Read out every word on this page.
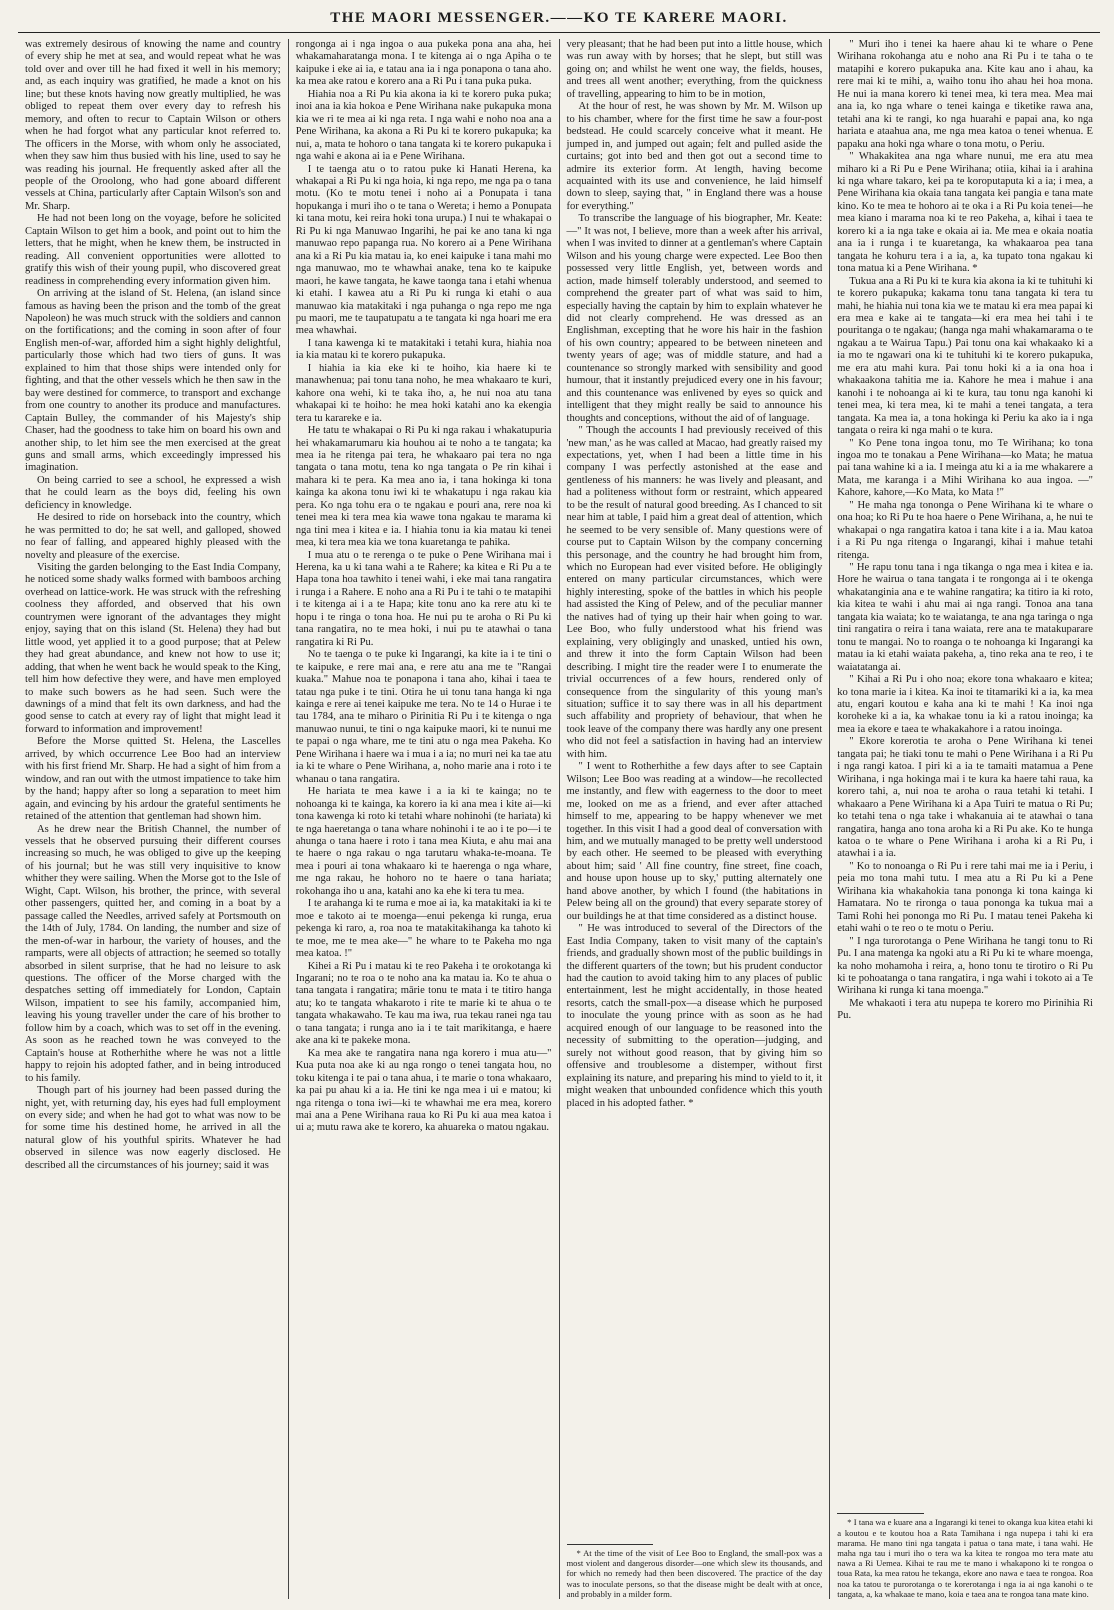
THE MAORI MESSENGER.——KO TE KARERE MAORI.

was extremely desirous of knowing the name and country of every ship he met at sea, and would repeat what he was told over and over till he had fixed it well in his memory; and, as each inquiry was gratified, he made a knot on his line; but these knots having now greatly multiplied, he was obliged to repeat them over every day to refresh his memory, and often to recur to Captain Wilson or others when he had forgot what any particular knot referred to. The officers in the Morse, with whom only he associated, when they saw him thus busied with his line, used to say he was reading his journal. He frequently asked after all the people of the Oroolong, who had gone aboard different vessels at China, particularly after Captain Wilson's son and Mr. Sharp.

He had not been long on the voyage, before he solicited Captain Wilson to get him a book, and point out to him the letters, that he might, when he knew them, be instructed in reading. All convenient opportunities were allotted to gratify this wish of their young pupil, who discovered great readiness in comprehending every information given him.

On arriving at the island of St. Helena, (an island since famous as having been the prison and the tomb of the great Napoleon) he was much struck with the soldiers and cannon on the fortifications; and the coming in soon after of four English men-of-war, afforded him a sight highly delightful, particularly those which had two tiers of guns. It was explained to him that those ships were intended only for fighting, and that the other vessels which he then saw in the bay were destined for commerce, to transport and exchange from one country to another its produce and manufactures. Captain Bulley, the commander of his Majesty's ship Chaser, had the goodness to take him on board his own and another ship, to let him see the men exercised at the great guns and small arms, which exceedingly impressed his imagination.

On being carried to see a school, he expressed a wish that he could learn as the boys did, feeling his own deficiency in knowledge.

He desired to ride on horseback into the country, which he was permitted to do; he sat well, and galloped, showed no fear of falling, and appeared highly pleased with the novelty and pleasure of the exercise.

Visiting the garden belonging to the East India Company, he noticed some shady walks formed with bamboos arching overhead on lattice-work. He was struck with the refreshing coolness they afforded, and observed that his own countrymen were ignorant of the advantages they might enjoy, saying that on this island (St. Helena) they had but little wood, yet applied it to a good purpose; that at Pelew they had great abundance, and knew not how to use it; adding, that when he went back he would speak to the King, tell him how defective they were, and have men employed to make such bowers as he had seen. Such were the dawnings of a mind that felt its own darkness, and had the good sense to catch at every ray of light that might lead it forward to information and improvement!

Before the Morse quitted St. Helena, the Lascelles arrived, by which occurrence Lee Boo had an interview with his first friend Mr. Sharp. He had a sight of him from a window, and ran out with the utmost impatience to take him by the hand; happy after so long a separation to meet him again, and evincing by his ardour the grateful sentiments he retained of the attention that gentleman had shown him.

As he drew near the British Channel, the number of vessels that he observed pursuing their different courses increasing so much, he was obliged to give up the keeping of his journal; but he was still very inquisitive to know whither they were sailing. When the Morse got to the Isle of Wight, Capt. Wilson, his brother, the prince, with several other passengers, quitted her, and coming in a boat by a passage called the Needles, arrived safely at Portsmouth on the 14th of July, 1784. On landing, the number and size of the men-of-war in harbour, the variety of houses, and the ramparts, were all objects of attraction; he seemed so totally absorbed in silent surprise, that he had no leisure to ask questions. The officer of the Morse charged with the despatches setting off immediately for London, Captain Wilson, impatient to see his family, accompanied him, leaving his young traveller under the care of his brother to follow him by a coach, which was to set off in the evening. As soon as he reached town he was conveyed to the Captain's house at Rotherhithe where he was not a little happy to rejoin his adopted father, and in being introduced to his family.

Though part of his journey had been passed during the night, yet, with returning day, his eyes had full employment on every side; and when he had got to what was now to be for some time his destined home, he arrived in all the natural glow of his youthful spirits. Whatever he had observed in silence was now eagerly disclosed. He described all the circumstances of his journey; said it was

rongonga ai i nga ingoa o aua pukeka pona ana aha, hei whakamaharatanga mona. I te kitenga ai o nga Apiha o te kaipuke i eke ai ia, e tatau ana ia i nga ponapona o tana aho. ka mea ake ratou e korero ana a Ri Pu i tana puka puka.

Hiahia noa a Ri Pu kia akona ia ki te korero puka puka; inoi ana ia kia hokoa e Pene Wirihana nake pukapuka mona kia we ri te mea ai ki nga reta. I nga wahi e noho noa ana a Pene Wirihana, ka akona a Ri Pu ki te korero pukapuka; ka nui, a, mata te hohoro o tana tangata ki te korero pukapuka i nga wahi e akona ai ia e Pene Wirihana.

I te taenga atu o to ratou puke ki Hanati Herena, ka whakapai a Ri Pu ki nga hoia, ki nga repo, me nga pa o tana motu. (Ko te motu tenei i noho ai a Ponupata i tana hopukanga i muri iho o te tana o Wereta; i hemo a Ponupata ki tana motu, kei reira hoki tona urupa.) I nui te whakapai o Ri Pu ki nga Manuwao Ingarihi, he pai ke ano tana ki nga manuwao repo papanga rua. No korero ai a Pene Wirihana ana ki a Ri Pu kia matau ia, ko enei kaipuke i tana mahi mo nga manuwao, mo te whawhai anake, tena ko te kaipuke maori, he kawe tangata, he kawe taonga tana i etahi whenua ki etahi. I kawea atu a Ri Pu ki runga ki etahi o aua manuwao kia matakitaki i nga puhanga o nga repo me nga pu maori, me te taupatupatu a te tangata ki nga hoari me era mea whawhai.

I tana kawenga ki te matakitaki i tetahi kura, hiahia noa ia kia matau ki te korero pukapuka.

I hiahia ia kia eke ki te hoiho, kia haere ki te manawhenua; pai tonu tana noho, he mea whakaaro te kuri, kahore ona wehi, ki te taka iho, a, he nui noa atu tana whakapai ki te hoiho: he mea hoki katahi ano ka ekengia tera tu karareke e ia.

He tatu te whakapai o Ri Pu ki nga rakau i whakatupuria hei whakamarumaru kia houhou ai te noho a te tangata; ka mea ia he ritenga pai tera, he whakaaro pai tera no nga tangata o tana motu, tena ko nga tangata o Pe rin kihai i mahara ki te pera. Ka mea ano ia, i tana hokinga ki tona kainga ka akona tonu iwi ki te whakatupu i nga rakau kia pera. Ko nga tohu era o te ngakau e pouri ana, rere noa ki tenei mea ki tera mea kia wawe tona ngakau te marama ki nga tini mea i kitea e ia. I hiahia tonu ia kia matau ki tenei mea, ki tera mea kia we tona kuaretanga te pahika.

I mua atu o te rerenga o te puke o Pene Wirihana mai i Herena, ka u ki tana wahi a te Rahere; ka kitea e Ri Pu a te Hapa tona hoa tawhito i tenei wahi, i eke mai tana rangatira i runga i a Rahere. E noho ana a Ri Pu i te tahi o te matapihi i te kitenga ai i a te Hapa; kite tonu ano ka rere atu ki te hopu i te ringa o tona hoa. He nui pu te aroha o Ri Pu ki tana rangatira, no te mea hoki, i nui pu te atawhai o tana rangatira ki Ri Pu.

No te taenga o te puke ki Ingarangi, ka kite ia i te tini o te kaipuke, e rere mai ana, e rere atu ana me te "Rangai kuaka." Mahue noa te ponapona i tana aho, kihai i taea te tatau nga puke i te tini. Otira he ui tonu tana hanga ki nga kainga e rere ai tenei kaipuke me tera. No te 14 o Hurae i te tau 1784, ana te miharo o Pirinitia Ri Pu i te kitenga o nga manuwao nunui, te tini o nga kaipuke maori, ki te nunui me te papai o nga whare, me te tini atu o nga mea Pakeha. Ko Pene Wirihana i haere wa i mua i a ia; no muri nei ka tae atu ia ki te whare o Pene Wirihana, a, noho marie ana i roto i te whanau o tana rangatira.

He hariata te mea kawe i a ia ki te kainga; no te nohoanga ki te kainga, ka korero ia ki ana mea i kite ai—ki tona kawenga ki roto ki tetahi whare nohinohi (te hariata) ki te nga haeretanga o tana whare nohinohi i te ao i te po—i te ahunga o tana haere i roto i tana mea Kiuta, e ahu mai ana te haere o nga rakau o nga tarutaru whaka-te-moana. Te mea i pouri ai tona whakaaro ki te haerenga o nga whare, me nga rakau, he hohoro no te haere o tana hariata; rokohanga iho u ana, katahi ano ka ehe ki tera tu mea.

I te arahanga ki te ruma e moe ai ia, ka matakitaki ia ki te moe e takoto ai te moenga—enui pekenga ki runga, erua pekenga ki raro, a, roa noa te matakitakihanga ka tahoto ki te moe, me te mea ake—" he whare to te Pakeha mo nga mea katoa. !"

Kihei a Ri Pu i matau ki te reo Pakeha i te orokotanga ki Ingarani; no te roa o te noho ana ka matau ia. Ko te ahua o tana tangata i rangatira; mārie tonu te mata i te titiro hanga atu; ko te tangata whakaroto i rite te marie ki te ahua o te tangata whakawaho. Te kau ma iwa, rua tekau ranei nga tau o tana tangata; i runga ano ia i te tait marikitanga, e haere ake ana ki te pakeke mona.

Ka mea ake te rangatira nana nga korero i mua atu—" Kua puta noa ake ki au nga rongo o tenei tangata hou, no toku kitenga i te pai o tana ahua, i te marie o tona whakaaro, ka pai pu ahau ki a ia. He tini ke nga mea i ui e matou; ki nga ritenga o tona iwi—ki te whawhai me era mea, korero mai ana a Pene Wirihana raua ko Ri Pu ki aua mea katoa i ui a; mutu rawa ake te korero, ka ahuareka o matou ngakau.

very pleasant; that he had been put into a little house, which was run away with by horses; that he slept, but still was going on; and whilst he went one way, the fields, houses, and trees all went another; everything, from the quickness of travelling, appearing to him to be in motion,

At the hour of rest, he was shown by Mr. M. Wilson up to his chamber, where for the first time he saw a four-post bedstead. He could scarcely conceive what it meant. He jumped in, and jumped out again; felt and pulled aside the curtains; got into bed and then got out a second time to admire its exterior form. At length, having become acquainted with its use and convenience, he laid himself down to sleep, saying that, " in England there was a house for everything."

To transcribe the language of his biographer, Mr. Keate:—" It was not, I believe, more than a week after his arrival, when I was invited to dinner at a gentleman's where Captain Wilson and his young charge were expected. Lee Boo then possessed very little English, yet, between words and action, made himself tolerably understood, and seemed to comprehend the greater part of what was said to him, especially having the captain by him to explain whatever he did not clearly comprehend. He was dressed as an Englishman, excepting that he wore his hair in the fashion of his own country; appeared to be between nineteen and twenty years of age; was of middle stature, and had a countenance so strongly marked with sensibility and good humour, that it instantly prejudiced every one in his favour; and this countenance was enlivened by eyes so quick and intelligent that they might really be said to announce his thoughts and conceptions, without the aid of of language.

" Though the accounts I had previously received of this 'new man,' as he was called at Macao, had greatly raised my expectations, yet, when I had been a little time in his company I was perfectly astonished at the ease and gentleness of his manners: he was lively and pleasant, and had a politeness without form or restraint, which appeared to be the result of natural good breeding. As I chanced to sit near him at table, I paid him a great deal of attention, which he seemed to be very sensible of. Many questions were of course put to Captain Wilson by the company concerning this personage, and the country he had brought him from, which no European had ever visited before. He obligingly entered on many particular circumstances, which were highly interesting, spoke of the battles in which his people had assisted the King of Pelew, and of the peculiar manner the natives had of tying up their hair when going to war. Lee Boo, who fully understood what his friend was explaining, very obligingly and unasked, untied his own, and threw it into the form Captain Wilson had been describing. I might tire the reader were I to enumerate the trivial occurrences of a few hours, rendered only of consequence from the singularity of this young man's situation; suffice it to say there was in all his department such affability and propriety of behaviour, that when he took leave of the company there was hardly any one present who did not feel a satisfaction in having had an interview with him.

" I went to Rotherhithe a few days after to see Captain Wilson; Lee Boo was reading at a window—he recollected me instantly, and flew with eagerness to the door to meet me, looked on me as a friend, and ever after attached himself to me, appearing to be happy whenever we met together. In this visit I had a good deal of conversation with him, and we mutually managed to be pretty well understood by each other. He seemed to be pleased with everything about him; said ' All fine country, fine street, fine coach, and house upon house up to sky,' putting alternately one hand above another, by which I found (the habitations in Pelew being all on the ground) that every separate storey of our buildings he at that time considered as a distinct house.

" He was introduced to several of the Directors of the East India Company, taken to visit many of the captain's friends, and gradually shown most of the public buildings in the different quarters of the town; but his prudent conductor had the caution to avoid taking him to any places of public entertainment, lest he might accidentally, in those heated resorts, catch the small-pox—a disease which he purposed to inoculate the young prince with as soon as he had acquired enough of our language to be reasoned into the necessity of submitting to the operation—judging, and surely not without good reason, that by giving him so offensive and troublesome a distemper, without first explaining its nature, and preparing his mind to yield to it, it might weaken that unbounded confidence which this youth placed in his adopted father. *

* At the time of the visit of Lee Boo to England, the small-pox was a most violent and dangerous disorder—one which slew its thousands, and for which no remedy had then been discovered. The practice of the day was to inoculate persons, so that the disease might be dealt with at once, and probably in a milder form.

" Muri iho i tenei ka haere ahau ki te whare o Pene Wirihana rokohanga atu e noho ana Ri Pu i te taha o te matapihi e korero pukapuka ana. Kite kau ano i ahau, ka rere mai ki te mihi, a, waiho tonu iho ahau hei hoa mona. He nui ia mana korero ki tenei mea, ki tera mea. Mea mai ana ia, ko nga whare o tenei kainga e tiketike rawa ana, tetahi ana ki te rangi, ko nga huarahi e papai ana, ko nga hariata e ataahua ana, me nga mea katoa o tenei whenua. E papaku ana hoki nga whare o tona motu, o Periu.

" Whakakitea ana nga whare nunui, me era atu mea miharo ki a Ri Pu e Pene Wirihana; otiia, kihai ia i arahina ki nga whare takaro, kei pa te koroputaputa ki a ia; i mea, a Pene Wirihana kia okaia tana tangata kei pangia e tana mate kino. Ko te mea te hohoro ai te oka i a Ri Pu koia tenei—he mea kiano i marama noa ki te reo Pakeha, a, kihai i taea te korero ki a ia nga take e okaia ai ia. Me mea e okaia noatia ana ia i runga i te kuaretanga, ka whakaaroa pea tana tangata he kohuru tera i a ia, a, ka tupato tona ngakau ki tona matua ki a Pene Wirihana. *

Tukua ana a Ri Pu ki te kura kia akona ia ki te tuhituhi ki te korero pukapuka; kakama tonu tana tangata ki tera tu mahi, he hiahia nui tona kia we te matau ki era mea papai ki era mea e kake ai te tangata—ki era mea hei tahi i te pouritanga o te ngakau; (hanga nga mahi whakamarama o te ngakau a te Wairua Tapu.) Pai tonu ona kai whakaako ki a ia mo te ngawari ona ki te tuhituhi ki te korero pukapuka, me era atu mahi kura. Pai tonu hoki ki a ia ona hoa i whakaakona tahitia me ia. Kahore he mea i mahue i ana kanohi i te nohoanga ai ki te kura, tau tonu nga kanohi ki tenei mea, ki tera mea, ki te mahi a tenei tangata, a tera tangata. Ka mea ia, a tona hokinga ki Periu ka ako ia i nga tangata o reira ki nga mahi o te kura.

" Ko Pene tona ingoa tonu, mo Te Wirihana; ko tona ingoa mo te tonakau a Pene Wirihana—ko Mata; he matua pai tana wahine ki a ia. I meinga atu ki a ia me whakarere a Mata, me karanga i a Mihi Wirihana ko aua ingoa. —" Kahore, kahore,—Ko Mata, ko Mata !"

" He maha nga tononga o Pene Wirihana ki te whare o ona hoa; ko Ri Pu te hoa haere o Pene Wirihana, a, he nui te whakapai o nga rangatira katoa i tana kite i a ia. Mau katoa i a Ri Pu nga ritenga o Ingarangi, kihai i mahue tetahi ritenga.

" He rapu tonu tana i nga tikanga o nga mea i kitea e ia. Hore he wairua o tana tangata i te rongonga ai i te okenga whakatanginia ana e te wahine rangatira; ka titiro ia ki roto, kia kitea te wahi i ahu mai ai nga rangi. Tonoa ana tana tangata kia waiata; ko te waiatanga, te ana nga taringa o nga tini rangatira o reira i tana waiata, rere ana te matakuparare tonu te mangai. No to roanga o te nohoanga ki Ingarangi ka matau ia ki etahi waiata pakeha, a, tino reka ana te reo, i te waiatatanga ai.

" Kihai a Ri Pu i oho noa; ekore tona whakaaro e kitea; ko tona marie ia i kitea. Ka inoi te titamariki ki a ia, ka mea atu, engari koutou e kaha ana ki te mahi ! Ka inoi nga koroheke ki a ia, ka whakae tonu ia ki a ratou inoinga; ka mea ia ekore e taea te whakakahore i a ratou inoinga.

" Ekore korerotia te aroha o Pene Wirihana ki tenei tangata pai; he tiaki tonu te mahi o Pene Wirihana i a Ri Pu i nga rangi katoa. I piri ki a ia te tamaiti matamua a Pene Wirihana, i nga hokinga mai i te kura ka haere tahi raua, ka korero tahi, a, nui noa te aroha o raua tetahi ki tetahi. I whakaaro a Pene Wirihana ki a Apa Tuiri te matua o Ri Pu; ko tetahi tena o nga take i whakanuia ai te atawhai o tana rangatira, hanga ano tona aroha ki a Ri Pu ake. Ko te hunga katoa o te whare o Pene Wirihana i aroha ki a Ri Pu, i atawhai i a ia.

" Ko to nonoanga o Ri Pu i rere tahi mai me ia i Periu, i peia mo tona mahi tutu. I mea atu a Ri Pu ki a Pene Wirihana kia whakahokia tana pononga ki tona kainga ki Hamatara. No te rironga o taua pononga ka tukua mai a Tami Rohi hei pononga mo Ri Pu. I matau tenei Pakeha ki etahi wahi o te reo o te motu o Periu.

" I nga turorotanga o Pene Wirihana he tangi tonu to Ri Pu. I ana matenga ka ngoki atu a Ri Pu ki te whare moenga, ka noho mohamoha i reira, a, hono tonu te tirotiro o Ri Pu ki te pohoatanga o tana rangatira, i nga wahi i tokoto ai a Te Wirihana ki runga ki tana moenga."

Me whakaoti i tera atu nupepa te korero mo Pirinihia Ri Pu.

* I tana wa e kuare ana a Ingarangi ki tenei to okanga kua kitea etahi ki a koutou e te koutou hoa a Rata Tamihana i nga nupepa i tahi ki era marama. He mano tini nga tangata i patua o tana mate, i tana wahi. He maha nga tau i muri iho o tera wa ka kitea te rongoa mo tera mate atu nawa a Ri Uemea. Kihai te rau me te mano i whakapono ki te rongoa o toua Rata, ka mea ratou he tekanga, ekore ano nawa e taea te rongoa. Roa noa ka tatou te purorotanga o te korerotanga i nga ia ai nga kanohi o te tangata, a, ka whakaae te mano, koia e taea ana te rongoa tana mate kino.
